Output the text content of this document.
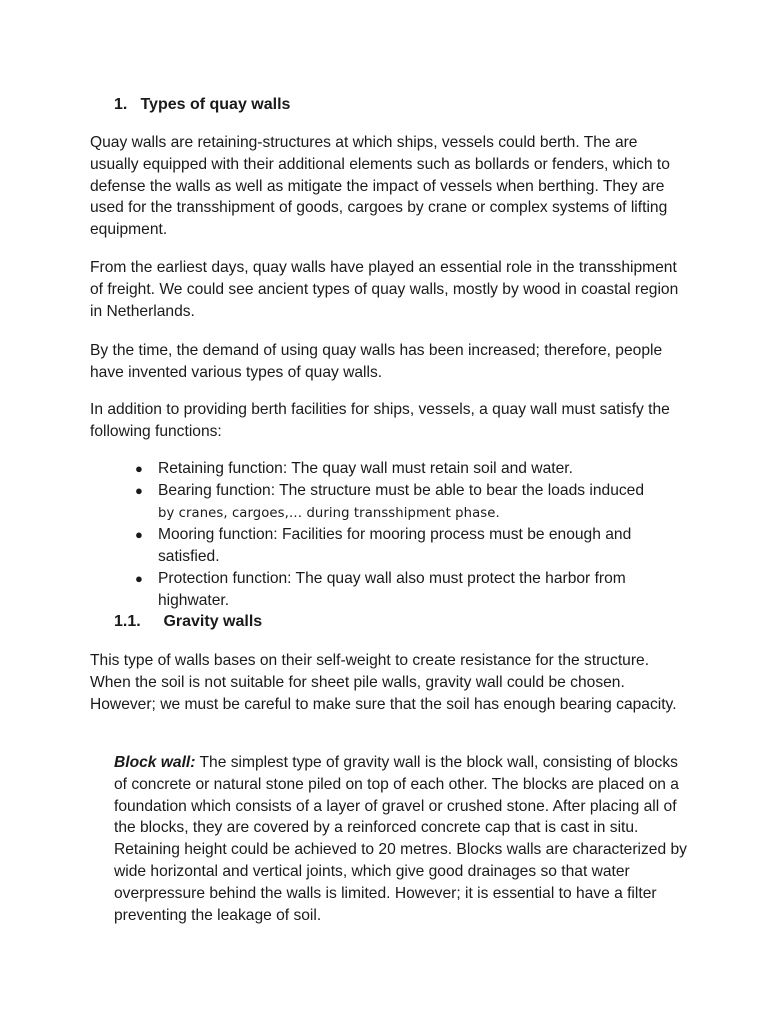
1. Types of quay walls

Quay walls are retaining-structures at which ships, vessels could berth. The are usually equipped with their additional elements such as bollards or fenders, which to defense the walls as well as mitigate the impact of vessels when berthing. They are used for the transshipment of goods, cargoes by crane or complex systems of lifting equipment.

From the earliest days, quay walls have played an essential role in the transshipment of freight. We could see ancient types of quay walls, mostly by wood in coastal region in Netherlands.

By the time, the demand of using quay walls has been increased; therefore, people have invented various types of quay walls.

In addition to providing berth facilities for ships, vessels, a quay wall must satisfy the following functions:

● Retaining function: The quay wall must retain soil and water.
● Bearing function: The structure must be able to bear the loads induced
by cranes, cargoes,… during transshipment phase.
● Mooring function: Facilities for mooring process must be enough and satisfied.
● Protection function: The quay wall also must protect the harbor from highwater.
1.1. Gravity walls

This type of walls bases on their self-weight to create resistance for the structure. When the soil is not suitable for sheet pile walls, gravity wall could be chosen. However; we must be careful to make sure that the soil has enough bearing capacity.

Block wall: The simplest type of gravity wall is the block wall, consisting of blocks of concrete or natural stone piled on top of each other. The blocks are placed on a foundation which consists of a layer of gravel or crushed stone. After placing all of the blocks, they are covered by a reinforced concrete cap that is cast in situ. Retaining height could be achieved to 20 metres. Blocks walls are characterized by wide horizontal and vertical joints, which give good drainages so that water overpressure behind the walls is limited. However; it is essential to have a filter preventing the leakage of soil.
